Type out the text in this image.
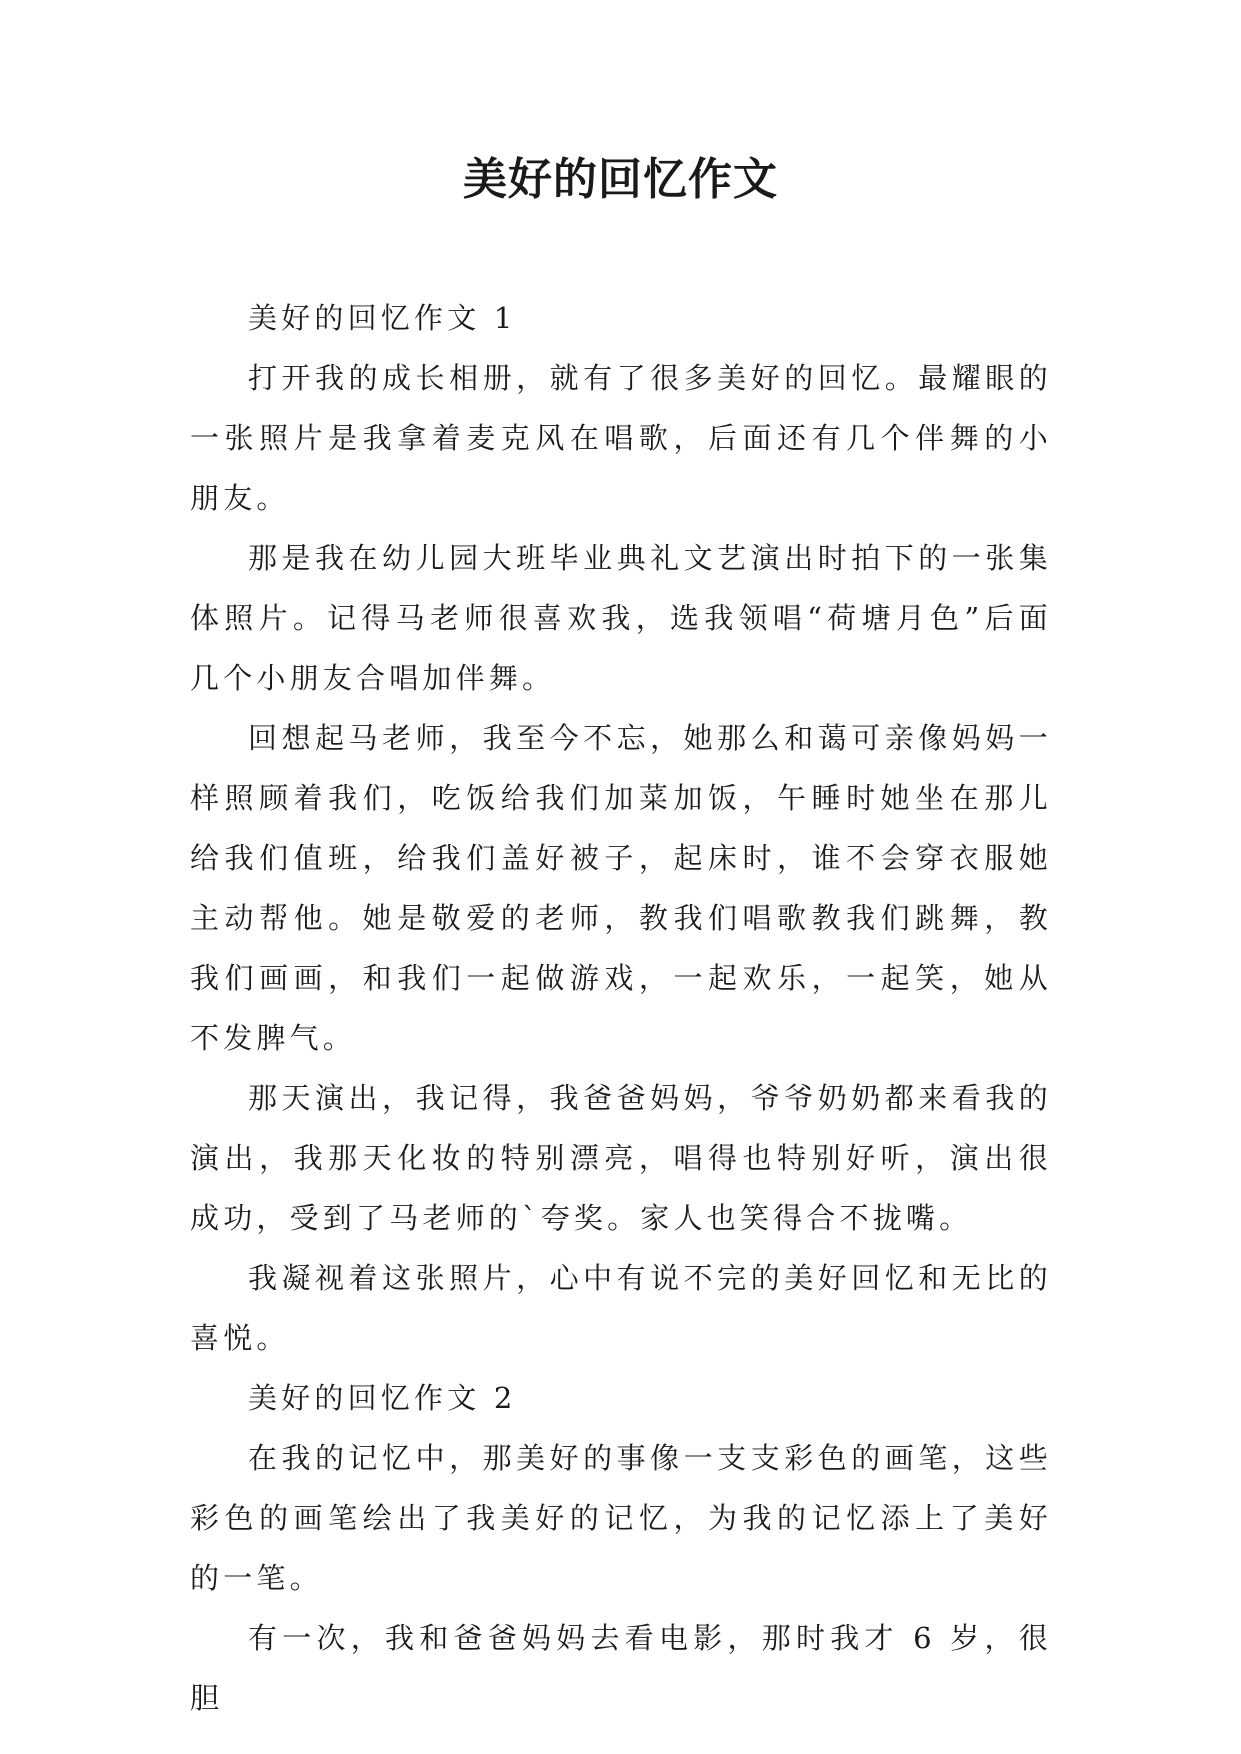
美好的回忆作文

美好的回忆作文 1

打开我的成长相册，就有了很多美好的回忆。最耀眼的一张照片是我拿着麦克风在唱歌，后面还有几个伴舞的小朋友。

那是我在幼儿园大班毕业典礼文艺演出时拍下的一张集体照片。记得马老师很喜欢我，选我领唱“荷塘月色”后面几个小朋友合唱加伴舞。

回想起马老师，我至今不忘，她那么和蔼可亲像妈妈一样照顾着我们，吃饭给我们加菜加饭，午睡时她坐在那儿给我们值班，给我们盖好被子，起床时，谁不会穿衣服她主动帮他。她是敬爱的老师，教我们唱歌教我们跳舞，教我们画画，和我们一起做游戏，一起欢乐，一起笑，她从不发脾气。

那天演出，我记得，我爸爸妈妈，爷爷奶奶都来看我的演出，我那天化妆的特别漂亮，唱得也特别好听，演出很成功，受到了马老师的`夸奖。家人也笑得合不拢嘴。

我凝视着这张照片，心中有说不完的美好回忆和无比的喜悦。

美好的回忆作文 2

在我的记忆中，那美好的事像一支支彩色的画笔，这些彩色的画笔绘出了我美好的记忆，为我的记忆添上了美好的一笔。

有一次，我和爸爸妈妈去看电影，那时我才 6 岁，很胆
